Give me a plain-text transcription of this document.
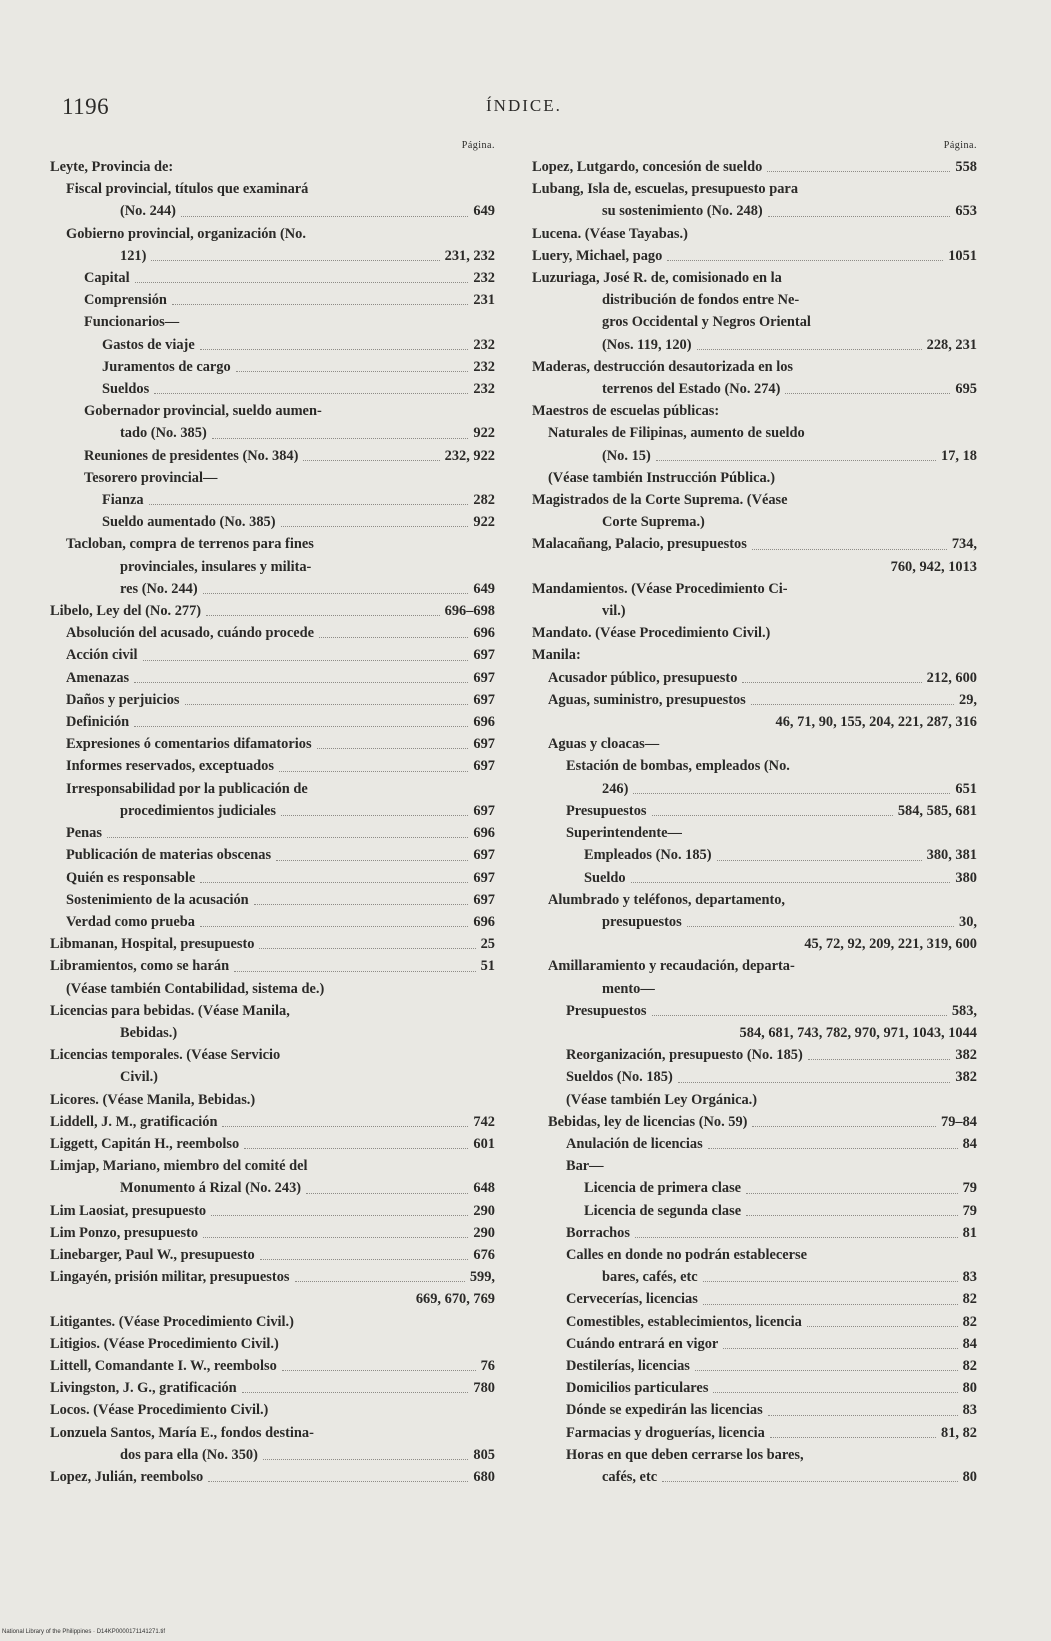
1196	ÍNDICE.
Página.
Leyte, Provincia de:
Fiscal provincial, títulos que examinará
(No. 244)	649
Gobierno provincial, organización (No.
121)	231, 232
Capital	232
Comprensión	231
Funcionarios—
Gastos de viaje	232
Juramentos de cargo	232
Sueldos	232
Gobernador provincial, sueldo aumen-
tado (No. 385)	922
Reuniones de presidentes (No. 384)	232, 922
Tesorero provincial—
Fianza	282
Sueldo aumentado (No. 385)	922
Tacloban, compra de terrenos para fines
provinciales, insulares y milita-
res (No. 244)	649
Libelo, Ley del (No. 277)	696–698
Absolución del acusado, cuándo procede	696
Acción civil	697
Amenazas	697
Daños y perjuicios	697
Definición	696
Expresiones ó comentarios difamatorios	697
Informes reservados, exceptuados	697
Irresponsabilidad por la publicación de
procedimientos judiciales	697
Penas	696
Publicación de materias obscenas	697
Quién es responsable	697
Sostenimiento de la acusación	697
Verdad como prueba	696
Libmanan, Hospital, presupuesto	25
Libramientos, como se harán	51
(Véase también Contabilidad, sistema de.)
Licencias para bebidas. (Véase Manila,
Bebidas.)
Licencias temporales. (Véase Servicio
Civil.)
Licores. (Véase Manila, Bebidas.)
Liddell, J. M., gratificación	742
Liggett, Capitán H., reembolso	601
Limjap, Mariano, miembro del comité del
Monumento á Rizal (No. 243)	648
Lim Laosiat, presupuesto	290
Lim Ponzo, presupuesto	290
Linebarger, Paul W., presupuesto	676
Lingayén, prisión militar, presupuestos	599,
669, 670, 769
Litigantes. (Véase Procedimiento Civil.)
Litigios. (Véase Procedimiento Civil.)
Littell, Comandante I. W., reembolso	76
Livingston, J. G., gratificación	780
Locos. (Véase Procedimiento Civil.)
Lonzuela Santos, María E., fondos destina-
dos para ella (No. 350)	805
Lopez, Julián, reembolso	680
Página.
Lopez, Lutgardo, concesión de sueldo	558
Lubang, Isla de, escuelas, presupuesto para
su sostenimiento (No. 248)	653
Lucena. (Véase Tayabas.)
Luery, Michael, pago	1051
Luzuriaga, José R. de, comisionado en la
distribución de fondos entre Ne-
gros Occidental y Negros Oriental
(Nos. 119, 120)	228, 231
Maderas, destrucción desautorizada en los
terrenos del Estado (No. 274)	695
Maestros de escuelas públicas:
Naturales de Filipinas, aumento de sueldo
(No. 15)	17, 18
(Véase también Instrucción Pública.)
Magistrados de la Corte Suprema. (Véase
Corte Suprema.)
Malacañang, Palacio, presupuestos	734,
760, 942, 1013
Mandamientos. (Véase Procedimiento Ci-
vil.)
Mandato. (Véase Procedimiento Civil.)
Manila:
Acusador público, presupuesto	212, 600
Aguas, suministro, presupuestos	29,
46, 71, 90, 155, 204, 221, 287, 316
Aguas y cloacas—
Estación de bombas, empleados (No.
246)	651
Presupuestos	584, 585, 681
Superintendente—
Empleados (No. 185)	380, 381
Sueldo	380
Alumbrado y teléfonos, departamento,
presupuestos	30,
45, 72, 92, 209, 221, 319, 600
Amillaramiento y recaudación, departa-
mento—
Presupuestos	583,
584, 681, 743, 782, 970, 971, 1043, 1044
Reorganización, presupuesto (No. 185)	382
Sueldos (No. 185)	382
(Véase también Ley Orgánica.)
Bebidas, ley de licencias (No. 59)	79–84
Anulación de licencias	84
Bar—
Licencia de primera clase	79
Licencia de segunda clase	79
Borrachos	81
Calles en donde no podrán establecerse
bares, cafés, etc	83
Cervecerías, licencias	82
Comestibles, establecimientos, licencia	82
Cuándo entrará en vigor	84
Destilerías, licencias	82
Domicilios particulares	80
Dónde se expedirán las licencias	83
Farmacias y droguerías, licencia	81, 82
Horas en que deben cerrarse los bares,
cafés, etc	80
National Library of the Philippines · D14KP0000171141271.tif
